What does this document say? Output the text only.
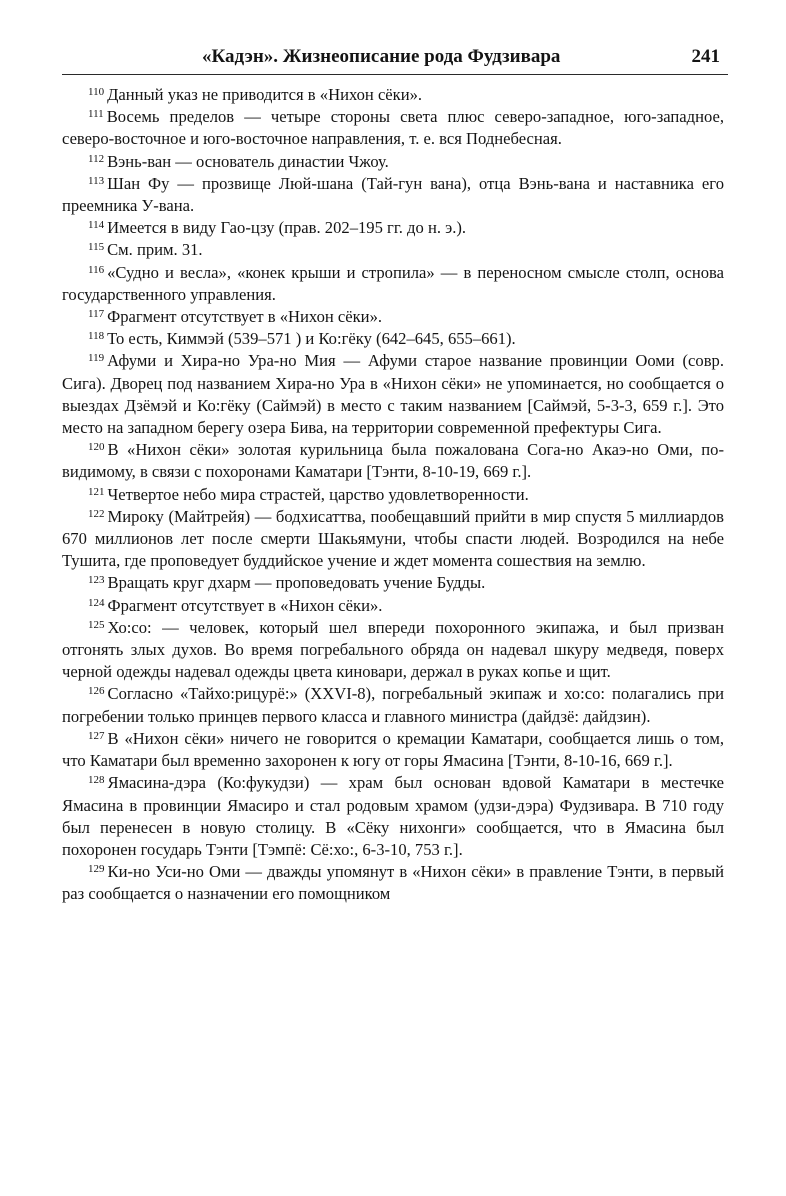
«Кадэн». Жизнеописание рода Фудзивара	241

$^{110}$ Данный указ не приводится в «Нихон сёки».

$^{111}$ Восемь пределов — четыре стороны света плюс северо-западное, юго-западное, северо-восточное и юго-восточное направления, т. е. вся Поднебесная.

$^{112}$ Вэнь-ван — основатель династии Чжоу.

$^{113}$ Шан Фу — прозвище Люй-шана (Тай-гун вана), отца Вэнь-вана и наставника его преемника У-вана.

$^{114}$ Имеется в виду Гао-цзу (прав. 202–195 гг. до н. э.).

$^{115}$ См. прим. 31.

$^{116}$ «Судно и весла», «конек крыши и стропила» — в переносном смысле столп, основа государственного управления.

$^{117}$ Фрагмент отсутствует в «Нихон сёки».

$^{118}$ То есть, Киммэй (539–571 ) и Ко:гёку (642–645, 655–661).

$^{119}$ Афуми и Хира-но Ура-но Мия — Афуми старое название провинции Ооми (совр. Сига). Дворец под названием Хира-но Ура в «Нихон сёки» не упоминается, но сообщается о выездах Дзёмэй и Ко:гёку (Саймэй) в место с таким названием [Саймэй, 5-3-3, 659 г.]. Это место на западном берегу озера Бива, на территории современной префектуры Сига.

$^{120}$ В «Нихон сёки» золотая курильница была пожалована Сога-но Акаэ-но Оми, по-видимому, в связи с похоронами Каматари [Тэнти, 8-10-19, 669 г.].

$^{121}$ Четвертое небо мира страстей, царство удовлетворенности.

$^{122}$ Мироку (Майтрейя) — бодхисаттва, пообещавший прийти в мир спустя 5 миллиардов 670 миллионов лет после смерти Шакьямуни, чтобы спасти людей. Возродился на небе Тушита, где проповедует буддийское учение и ждет момента сошествия на землю.

$^{123}$ Вращать круг дхарм — проповедовать учение Будды.

$^{124}$ Фрагмент отсутствует в «Нихон сёки».

$^{125}$ Хо:со: — человек, который шел впереди похоронного экипажа, и был призван отгонять злых духов. Во время погребального обряда он надевал шкуру медведя, поверх черной одежды надевал одежды цвета киновари, держал в руках копье и щит.

$^{126}$ Согласно «Тайхо:рицурё:» (XXVI-8), погребальный экипаж и хо:со: полагались при погребении только принцев первого класса и главного министра (дайдзё: дайдзин).

$^{127}$ В «Нихон сёки» ничего не говорится о кремации Каматари, сообщается лишь о том, что Каматари был временно захоронен к югу от горы Ямасина [Тэнти, 8-10-16, 669 г.].

$^{128}$ Ямасина-дэра (Ко:фукудзи) — храм был основан вдовой Каматари в местечке Ямасина в провинции Ямасиро и стал родовым храмом (удзи-дэра) Фудзивара. В 710 году был перенесен в новую столицу. В «Сёку нихонги» сообщается, что в Ямасина был похоронен государь Тэнти [Тэмпё: Сё:хо:, 6-3-10, 753 г.].

$^{129}$ Ки-но Уси-но Оми — дважды упомянут в «Нихон сёки» в правление Тэнти, в первый раз сообщается о назначении его помощником
